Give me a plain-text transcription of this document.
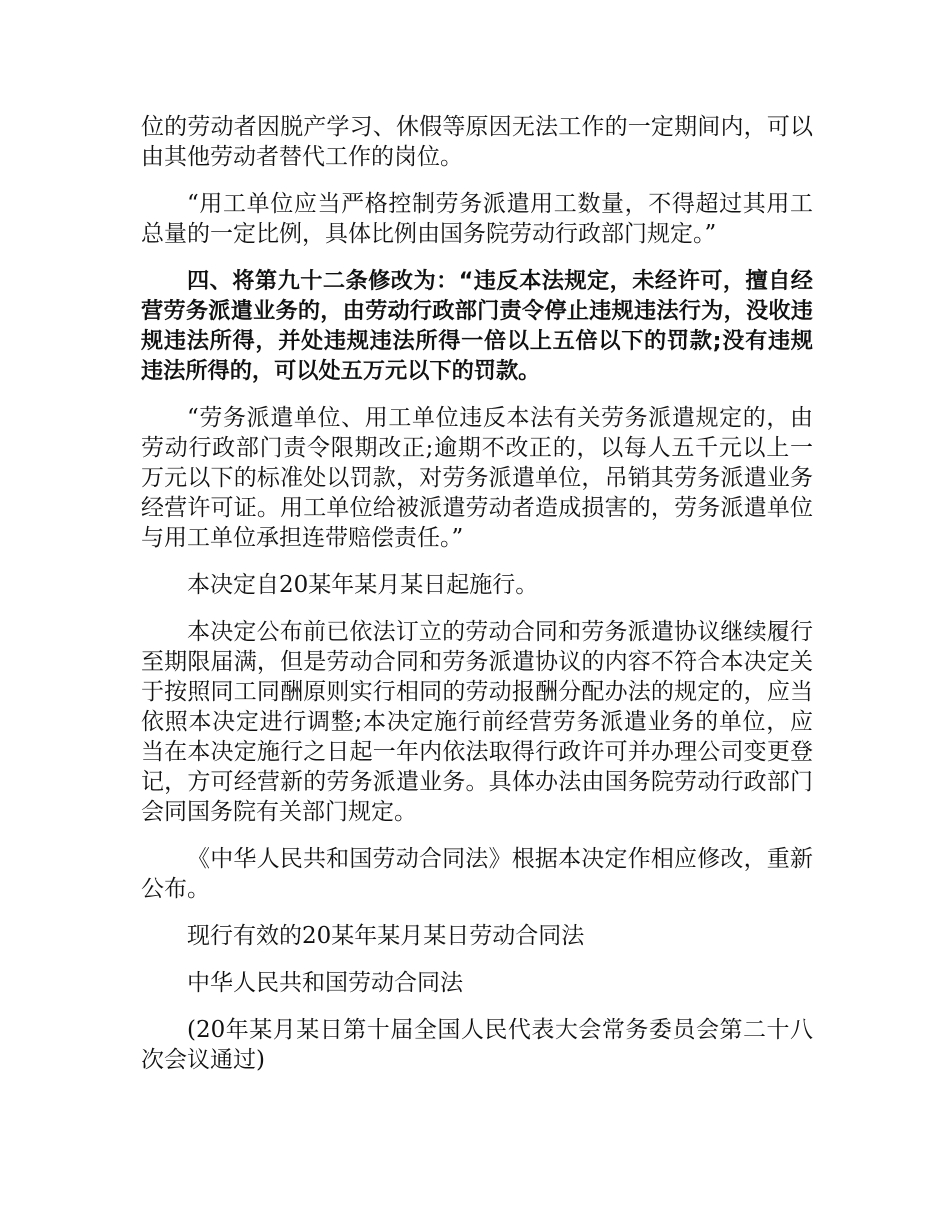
位的劳动者因脱产学习、休假等原因无法工作的一定期间内，可以由其他劳动者替代工作的岗位。

“用工单位应当严格控制劳务派遣用工数量，不得超过其用工总量的一定比例，具体比例由国务院劳动行政部门规定。”

四、将第九十二条修改为：“违反本法规定，未经许可，擅自经营劳务派遣业务的，由劳动行政部门责令停止违规违法行为，没收违规违法所得，并处违规违法所得一倍以上五倍以下的罚款;没有违规违法所得的，可以处五万元以下的罚款。

“劳务派遣单位、用工单位违反本法有关劳务派遣规定的，由劳动行政部门责令限期改正;逾期不改正的，以每人五千元以上一万元以下的标准处以罚款，对劳务派遣单位，吊销其劳务派遣业务经营许可证。用工单位给被派遣劳动者造成损害的，劳务派遣单位与用工单位承担连带赔偿责任。”

本决定自20某年某月某日起施行。

本决定公布前已依法订立的劳动合同和劳务派遣协议继续履行至期限届满，但是劳动合同和劳务派遣协议的内容不符合本决定关于按照同工同酬原则实行相同的劳动报酬分配办法的规定的，应当依照本决定进行调整;本决定施行前经营劳务派遣业务的单位，应当在本决定施行之日起一年内依法取得行政许可并办理公司变更登记，方可经营新的劳务派遣业务。具体办法由国务院劳动行政部门会同国务院有关部门规定。

《中华人民共和国劳动合同法》根据本决定作相应修改，重新公布。

现行有效的20某年某月某日劳动合同法

中华人民共和国劳动合同法

(20年某月某日第十届全国人民代表大会常务委员会第二十八次会议通过)
